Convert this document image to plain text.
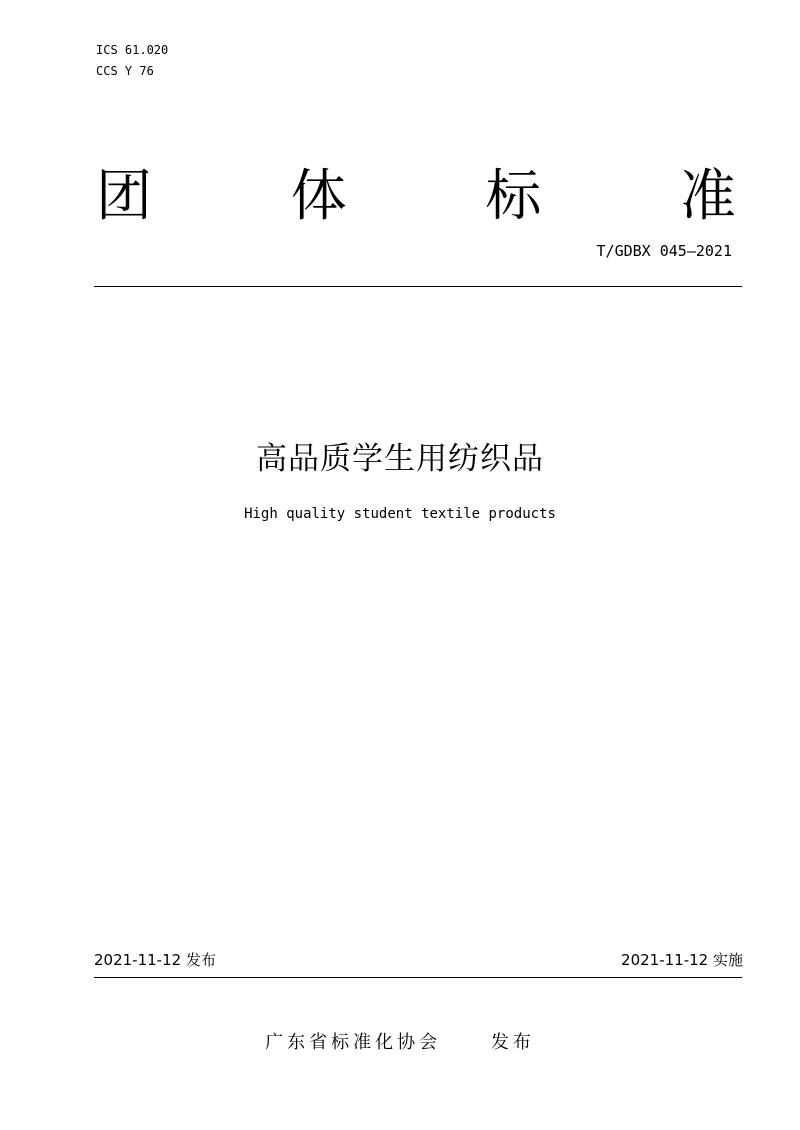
ICS 61.020
CCS Y 76
团 体 标 准
T/GDBX 045—2021
高品质学生用纺织品
High quality student textile products
2021-11-12 发布	2021-11-12 实施
广东省标准化协会	发布
